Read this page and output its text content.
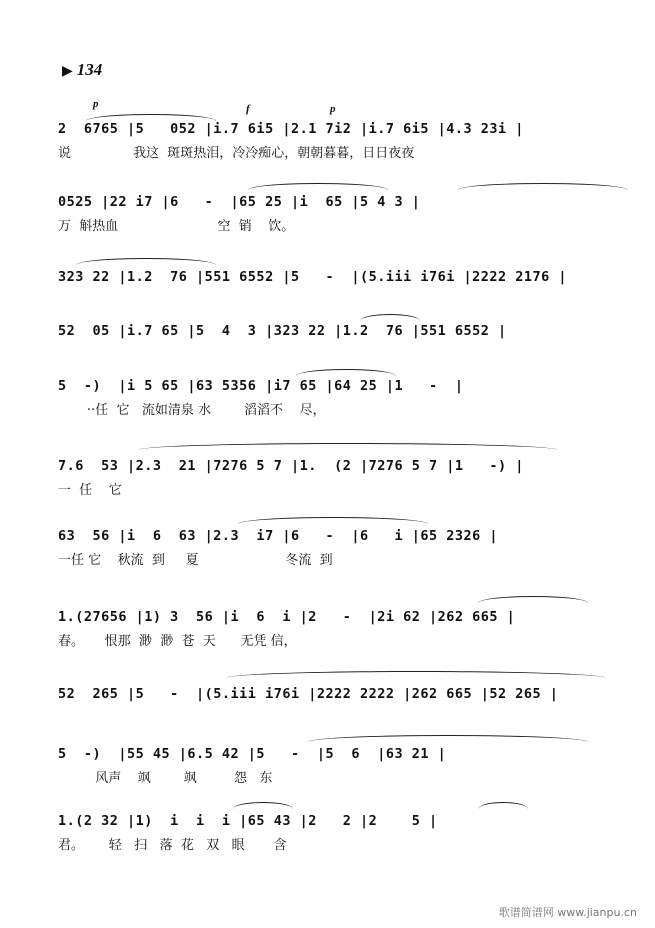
▶ 134
p	f	p
2  6765 |5   052 |i.7 6i5 |2.1 7i2 |i.7 6i5 |4.3 23i |
说               我这  斑斑热泪，冷冷痴心，朝朝暮暮，日日夜夜
0525 |22 i7 |6   -  |65 25 |i  65 |5 4 3 |
万  斛热血                        空  销    饮。
323 22 |1.2  76 |551 6552 |5   -  |(5.iii i76i |2222 2176 |
52  05 |i.7 65 |5  4  3 |323 22 |1.2  76 |551 6552 |
5  -)  |i 5 65 |63 5356 |i7 65 |64 25 |1   -  |
··任  它   流如清泉 水        滔滔不    尽，
7.6  53 |2.3  21 |7276 5 7 |1.  (2 |7276 5 7 |1   -) |
一  任    它
63  56 |i  6  63 |2.3  i7 |6   -  |6   i |65 2326 |
一任 它    秋流  到     夏                     冬流  到
1.(27656 |1) 3  56 |i  6  i |2   -  |2i 62 |262 665 |
春。     恨那  渺  渺  苍  天      无凭 信，
52  265 |5   -  |(5.iii i76i |2222 2222 |262 665 |52 265 |
5  -)  |55 45 |6.5 42 |5   -  |5  6  |63 21 |
风声    飒        飒         怨   东
1.(2 32 |1)  i  i  i |65 43 |2   2 |2    5 |
君。      轻   扫   落  花   双   眼       含
歌谱简谱网 www.jianpu.cn
